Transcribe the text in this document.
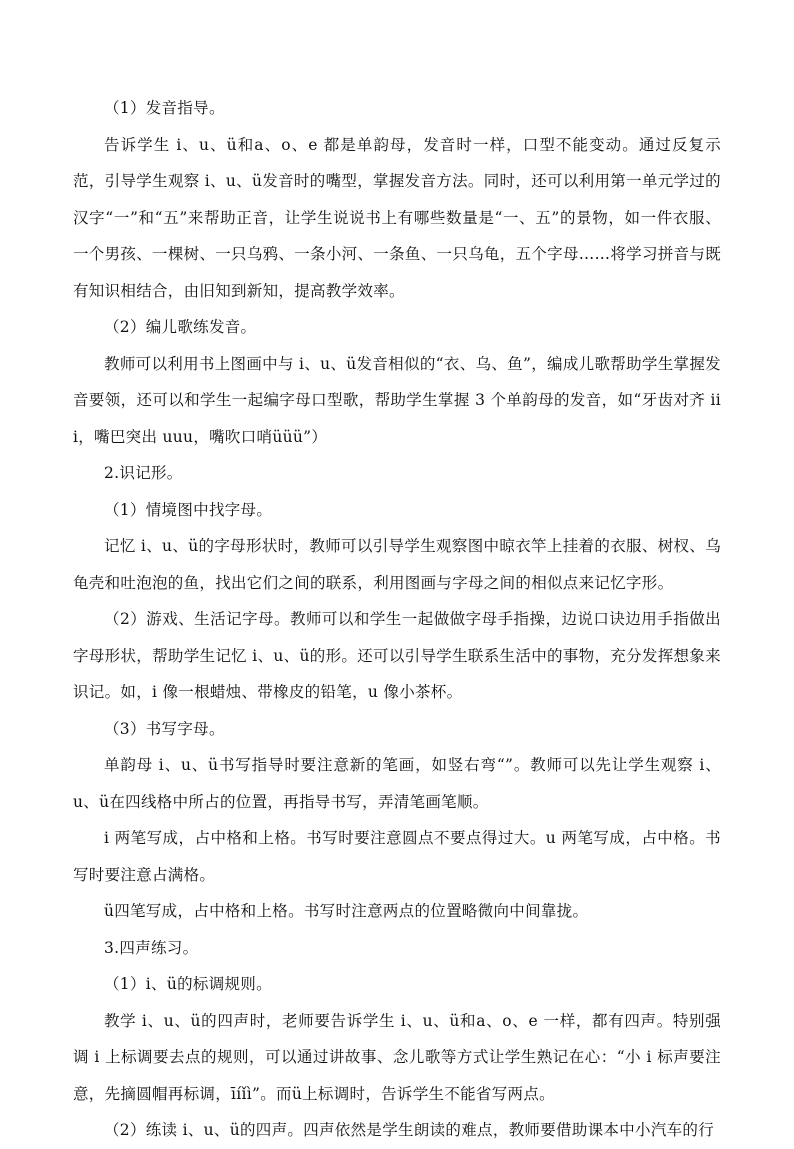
（1）发音指导。

告诉学生 i、u、ü和a、o、e 都是单韵母，发音时一样，口型不能变动。通过反复示范，引导学生观察 i、u、ü发音时的嘴型，掌握发音方法。同时，还可以利用第一单元学过的汉字“一”和“五”来帮助正音，让学生说说书上有哪些数量是“一、五”的景物，如一件衣服、一个男孩、一棵树、一只乌鸦、一条小河、一条鱼、一只乌龟，五个字母……将学习拼音与既有知识相结合，由旧知到新知，提高教学效率。

（2）编儿歌练发音。

教师可以利用书上图画中与 i、u、ü发音相似的“衣、乌、鱼”，编成儿歌帮助学生掌握发音要领，还可以和学生一起编字母口型歌，帮助学生掌握 3 个单韵母的发音，如“牙齿对齐 iii，嘴巴突出 uuu，嘴吹口哨üüü”）

2.识记形。

（1）情境图中找字母。

记忆 i、u、ü的字母形状时，教师可以引导学生观察图中晾衣竿上挂着的衣服、树杈、乌龟壳和吐泡泡的鱼，找出它们之间的联系，利用图画与字母之间的相似点来记忆字形。

（2）游戏、生活记字母。教师可以和学生一起做做字母手指操，边说口诀边用手指做出字母形状，帮助学生记忆 i、u、ü的形。还可以引导学生联系生活中的事物，充分发挥想象来识记。如，i 像一根蜡烛、带橡皮的铅笔，u 像小茶杯。

（3）书写字母。

单韵母 i、u、ü书写指导时要注意新的笔画，如竖右弯“”。教师可以先让学生观察 i、u、ü在四线格中所占的位置，再指导书写，弄清笔画笔顺。

i 两笔写成，占中格和上格。书写时要注意圆点不要点得过大。u 两笔写成，占中格。书写时要注意占满格。

ü四笔写成，占中格和上格。书写时注意两点的位置略微向中间靠拢。

3.四声练习。

（1）i、ü的标调规则。

教学 i、u、ü的四声时，老师要告诉学生 i、u、ü和a、o、e 一样，都有四声。特别强调 i 上标调要去点的规则，可以通过讲故事、念儿歌等方式让学生熟记在心：“小 i 标声要注意，先摘圆帽再标调，īíǐì”。而ü上标调时，告诉学生不能省写两点。

（2）练读 i、u、ü的四声。四声依然是学生朗读的难点，教师要借助课本中小汽车的行
